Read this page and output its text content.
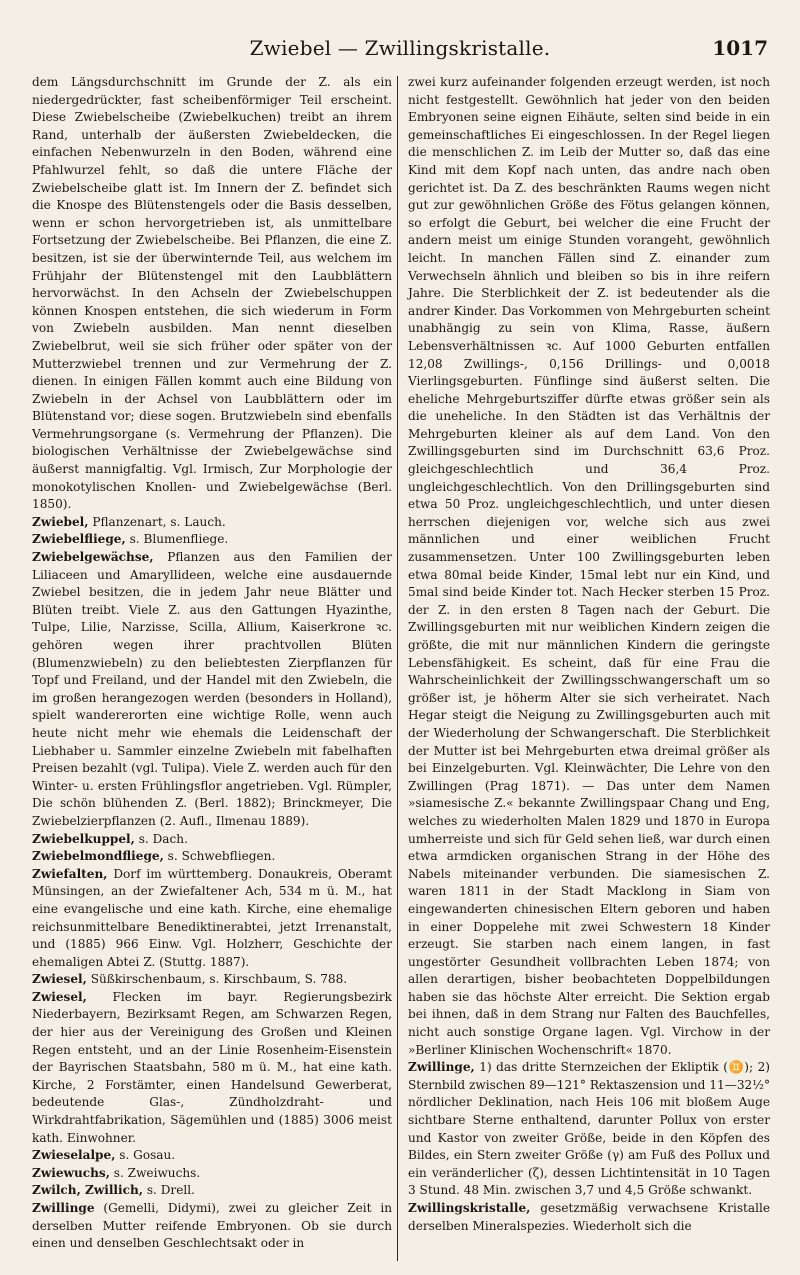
Zwiebel — Zwillingskristalle.	1017

dem Längsdurchschnitt im Grunde der Z. als ein niedergedrückter, fast scheibenförmiger Teil erscheint. Diese Zwiebelscheibe (Zwiebelkuchen) treibt an ihrem Rand, unterhalb der äußersten Zwiebeldecken, die einfachen Nebenwurzeln in den Boden, während eine Pfahlwurzel fehlt, so daß die untere Fläche der Zwiebelscheibe glatt ist. Im Innern der Z. befindet sich die Knospe des Blütenstengels oder die Basis desselben, wenn er schon hervorgetrieben ist, als unmittelbare Fortsetzung der Zwiebelscheibe. Bei Pflanzen, die eine Z. besitzen, ist sie der überwinternde Teil, aus welchem im Frühjahr der Blütenstengel mit den Laubblättern hervorwächst. In den Achseln der Zwiebelschuppen können Knospen entstehen, die sich wiederum in Form von Zwiebeln ausbilden. Man nennt dieselben Zwiebelbrut, weil sie sich früher oder später von der Mutterzwiebel trennen und zur Vermehrung der Z. dienen. In einigen Fällen kommt auch eine Bildung von Zwiebeln in der Achsel von Laubblättern oder im Blütenstand vor; diese sogen. Brutzwiebeln sind ebenfalls Vermehrungsorgane (s. Vermehrung der Pflanzen). Die biologischen Verhältnisse der Zwiebelgewächse sind äußerst mannigfaltig. Vgl. Irmisch, Zur Morphologie der monokotylischen Knollen- und Zwiebelgewächse (Berl. 1850).

Zwiebel, Pflanzenart, s. Lauch.

Zwiebelfliege, s. Blumenfliege.

Zwiebelgewächse, Pflanzen aus den Familien der Liliaceen und Amaryllideen, welche eine ausdauernde Zwiebel besitzen, die in jedem Jahr neue Blätter und Blüten treibt. Viele Z. aus den Gattungen Hyazinthe, Tulpe, Lilie, Narzisse, Scilla, Allium, Kaiserkrone ꝛc. gehören wegen ihrer prachtvollen Blüten (Blumenzwiebeln) zu den beliebtesten Zierpflanzen für Topf und Freiland, und der Handel mit den Zwiebeln, die im großen herangezogen werden (besonders in Holland), spielt wandererorten eine wichtige Rolle, wenn auch heute nicht mehr wie ehemals die Leidenschaft der Liebhaber u. Sammler einzelne Zwiebeln mit fabelhaften Preisen bezahlt (vgl. Tulipa). Viele Z. werden auch für den Winter- u. ersten Frühlingsflor angetrieben. Vgl. Rümpler, Die schön blühenden Z. (Berl. 1882); Brinckmeyer, Die Zwiebelzierpflanzen (2. Aufl., Ilmenau 1889).

Zwiebelkuppel, s. Dach.

Zwiebelmondfliege, s. Schwebfliegen.

Zwiefalten, Dorf im württemberg. Donaukreis, Oberamt Münsingen, an der Zwiefaltener Ach, 534 m ü. M., hat eine evangelische und eine kath. Kirche, eine ehemalige reichsunmittelbare Benediktinerabtei, jetzt Irrenanstalt, und (1885) 966 Einw. Vgl. Holzherr, Geschichte der ehemaligen Abtei Z. (Stuttg. 1887).

Zwiesel, Süßkirschenbaum, s. Kirschbaum, S. 788.

Zwiesel, Flecken im bayr. Regierungsbezirk Niederbayern, Bezirksamt Regen, am Schwarzen Regen, der hier aus der Vereinigung des Großen und Kleinen Regen entsteht, und an der Linie Rosenheim-Eisenstein der Bayrischen Staatsbahn, 580 m ü. M., hat eine kath. Kirche, 2 Forstämter, einen Handelsund Gewerberat, bedeutende Glas-, Zündholzdraht- und Wirkdrahtfabrikation, Sägemühlen und (1885) 3006 meist kath. Einwohner.

Zwieselalpe, s. Gosau.

Zwiewuchs, s. Zweiwuchs.

Zwilch, Zwillich, s. Drell.

Zwillinge (Gemelli, Didymi), zwei zu gleicher Zeit in derselben Mutter reifende Embryonen. Ob sie durch einen und denselben Geschlechtsakt oder in

zwei kurz aufeinander folgenden erzeugt werden, ist noch nicht festgestellt. Gewöhnlich hat jeder von den beiden Embryonen seine eignen Eihäute, selten sind beide in ein gemeinschaftliches Ei eingeschlossen. In der Regel liegen die menschlichen Z. im Leib der Mutter so, daß das eine Kind mit dem Kopf nach unten, das andre nach oben gerichtet ist. Da Z. des beschränkten Raums wegen nicht gut zur gewöhnlichen Größe des Fötus gelangen können, so erfolgt die Geburt, bei welcher die eine Frucht der andern meist um einige Stunden vorangeht, gewöhnlich leicht. In manchen Fällen sind Z. einander zum Verwechseln ähnlich und bleiben so bis in ihre reifern Jahre. Die Sterblichkeit der Z. ist bedeutender als die andrer Kinder. Das Vorkommen von Mehrgeburten scheint unabhängig zu sein von Klima, Rasse, äußern Lebensverhältnissen ꝛc. Auf 1000 Geburten entfallen 12,08 Zwillings-, 0,156 Drillings- und 0,0018 Vierlingsgeburten. Fünflinge sind äußerst selten. Die eheliche Mehrgeburtsziffer dürfte etwas größer sein als die uneheliche. In den Städten ist das Verhältnis der Mehrgeburten kleiner als auf dem Land. Von den Zwillingsgeburten sind im Durchschnitt 63,6 Proz. gleichgeschlechtlich und 36,4 Proz. ungleichgeschlechtlich. Von den Drillingsgeburten sind etwa 50 Proz. ungleichgeschlechtlich, und unter diesen herrschen diejenigen vor, welche sich aus zwei männlichen und einer weiblichen Frucht zusammensetzen. Unter 100 Zwillingsgeburten leben etwa 80mal beide Kinder, 15mal lebt nur ein Kind, und 5mal sind beide Kinder tot. Nach Hecker sterben 15 Proz. der Z. in den ersten 8 Tagen nach der Geburt. Die Zwillingsgeburten mit nur weiblichen Kindern zeigen die größte, die mit nur männlichen Kindern die geringste Lebensfähigkeit. Es scheint, daß für eine Frau die Wahrscheinlichkeit der Zwillingsschwangerschaft um so größer ist, je höherm Alter sie sich verheiratet. Nach Hegar steigt die Neigung zu Zwillingsgeburten auch mit der Wiederholung der Schwangerschaft. Die Sterblichkeit der Mutter ist bei Mehrgeburten etwa dreimal größer als bei Einzelgeburten. Vgl. Kleinwächter, Die Lehre von den Zwillingen (Prag 1871). — Das unter dem Namen »siamesische Z.« bekannte Zwillingspaar Chang und Eng, welches zu wiederholten Malen 1829 und 1870 in Europa umherreiste und sich für Geld sehen ließ, war durch einen etwa armdicken organischen Strang in der Höhe des Nabels miteinander verbunden. Die siamesischen Z. waren 1811 in der Stadt Macklong in Siam von eingewanderten chinesischen Eltern geboren und haben in einer Doppelehe mit zwei Schwestern 18 Kinder erzeugt. Sie starben nach einem langen, in fast ungestörter Gesundheit vollbrachten Leben 1874; von allen derartigen, bisher beobachteten Doppelbildungen haben sie das höchste Alter erreicht. Die Sektion ergab bei ihnen, daß in dem Strang nur Falten des Bauchfelles, nicht auch sonstige Organe lagen. Vgl. Virchow in der »Berliner Klinischen Wochenschrift« 1870.

Zwillinge, 1) das dritte Sternzeichen der Ekliptik (♊); 2) Sternbild zwischen 89—121° Rektaszension und 11—32½° nördlicher Deklination, nach Heis 106 mit bloßem Auge sichtbare Sterne enthaltend, darunter Pollux von erster und Kastor von zweiter Größe, beide in den Köpfen des Bildes, ein Stern zweiter Größe (γ) am Fuß des Pollux und ein veränderlicher (ζ), dessen Lichtintensität in 10 Tagen 3 Stund. 48 Min. zwischen 3,7 und 4,5 Größe schwankt.

Zwillingskristalle, gesetzmäßig verwachsene Kristalle derselben Mineralspezies. Wiederholt sich die
